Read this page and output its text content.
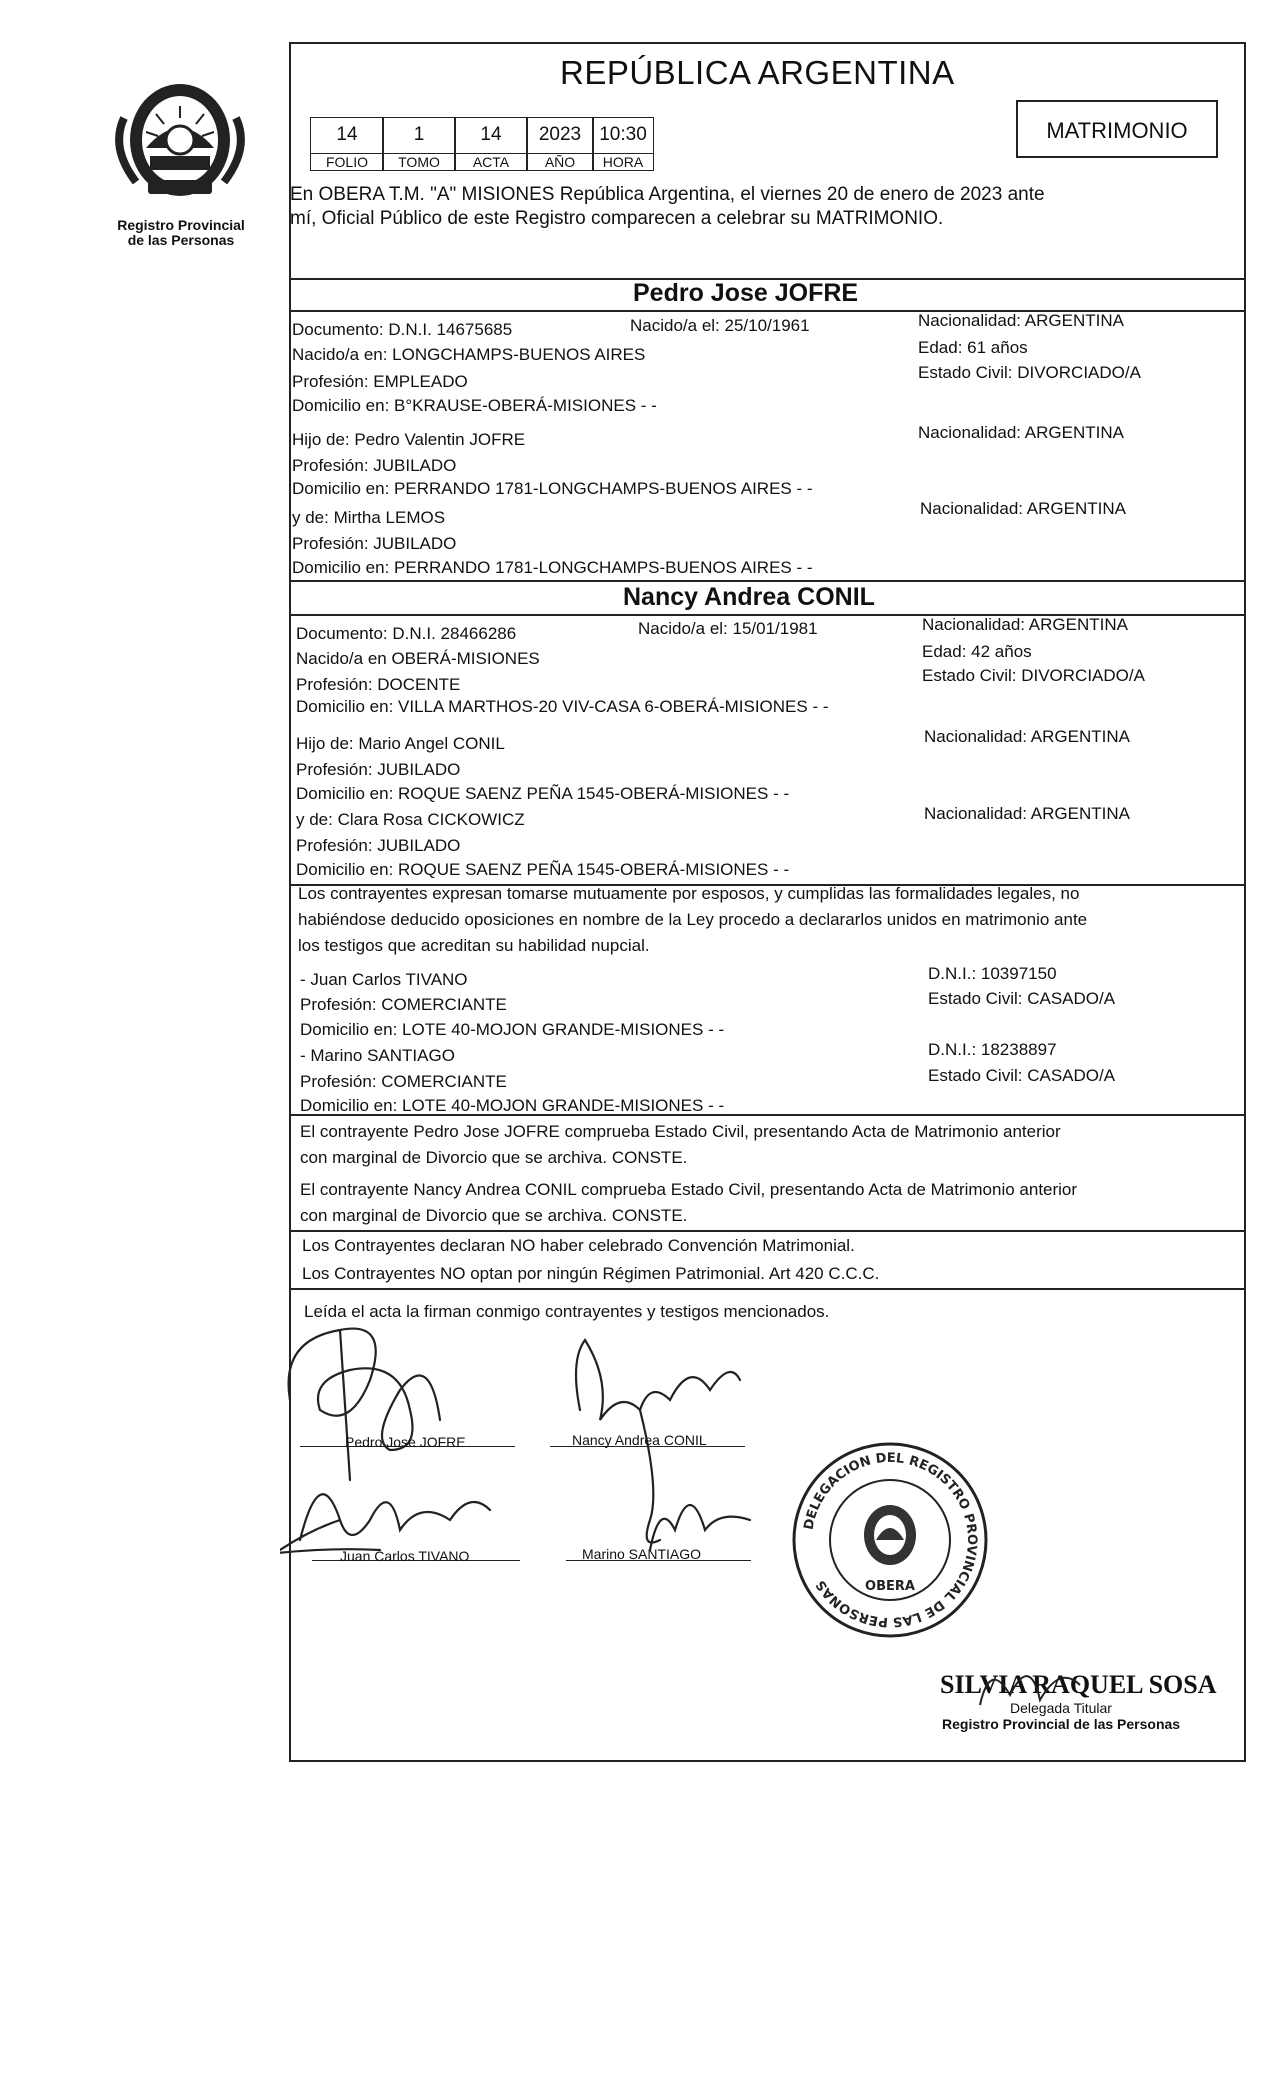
Registro Provincial
de las Personas
REPÚBLICA ARGENTINA
14	1	14	2023 10:30
FOLIO	TOMO	ACTA	AÑO	HORA
MATRIMONIO
En OBERA T.M. "A" MISIONES República Argentina, el viernes 20 de enero de 2023 ante
mí, Oficial Público de este Registro comparecen a celebrar su MATRIMONIO.
Pedro Jose JOFRE
Documento: D.N.I. 14675685	Nacido/a el: 25/10/1961	Nacionalidad: ARGENTINA
Nacido/a en: LONGCHAMPS-BUENOS AIRES	Edad: 61 años
Profesión: EMPLEADO	Estado Civil: DIVORCIADO/A
Domicilio en: B°KRAUSE-OBERÁ-MISIONES - -
Hijo de: Pedro Valentin JOFRE	Nacionalidad: ARGENTINA
Profesión: JUBILADO
Domicilio en: PERRANDO 1781-LONGCHAMPS-BUENOS AIRES - -
y de: Mirtha LEMOS	Nacionalidad: ARGENTINA
Profesión: JUBILADO
Domicilio en: PERRANDO 1781-LONGCHAMPS-BUENOS AIRES - -
Nancy Andrea CONIL
Documento: D.N.I. 28466286	Nacido/a el: 15/01/1981	Nacionalidad: ARGENTINA
Nacido/a en OBERÁ-MISIONES	Edad: 42 años
Profesión: DOCENTE	Estado Civil: DIVORCIADO/A
Domicilio en: VILLA MARTHOS-20 VIV-CASA 6-OBERÁ-MISIONES - -
Hijo de: Mario Angel CONIL	Nacionalidad: ARGENTINA
Profesión: JUBILADO
Domicilio en: ROQUE SAENZ PEÑA 1545-OBERÁ-MISIONES - -
y de: Clara Rosa CICKOWICZ	Nacionalidad: ARGENTINA
Profesión: JUBILADO
Domicilio en: ROQUE SAENZ PEÑA 1545-OBERÁ-MISIONES - -
Los contrayentes expresan tomarse mutuamente por esposos, y cumplidas las formalidades legales, no
habiéndose deducido oposiciones en nombre de la Ley procedo a declararlos unidos en matrimonio ante
los testigos que acreditan su habilidad nupcial.
- Juan Carlos TIVANO	D.N.I.: 10397150
Profesión: COMERCIANTE	Estado Civil: CASADO/A
Domicilio en: LOTE 40-MOJON GRANDE-MISIONES - -
- Marino SANTIAGO	D.N.I.: 18238897
Profesión: COMERCIANTE	Estado Civil: CASADO/A
Domicilio en: LOTE 40-MOJON GRANDE-MISIONES - -
El contrayente Pedro Jose JOFRE comprueba Estado Civil, presentando Acta de Matrimonio anterior
con marginal de Divorcio que se archiva. CONSTE.
El contrayente Nancy Andrea CONIL comprueba Estado Civil, presentando Acta de Matrimonio anterior
con marginal de Divorcio que se archiva. CONSTE.
Los Contrayentes declaran NO haber celebrado Convención Matrimonial.
Los Contrayentes NO optan por ningún Régimen Patrimonial. Art 420 C.C.C.
Leída el acta la firman conmigo contrayentes y testigos mencionados.
Pedro Jose JOFRE	Nancy Andrea CONIL
Juan Carlos TIVANO	Marino SANTIAGO
DELEGACION DEL REGISTRO PROVINCIAL DE LAS PERSONAS	OBERA
SILVIA RAQUEL SOSA
Delegada Titular
Registro Provincial de las Personas
